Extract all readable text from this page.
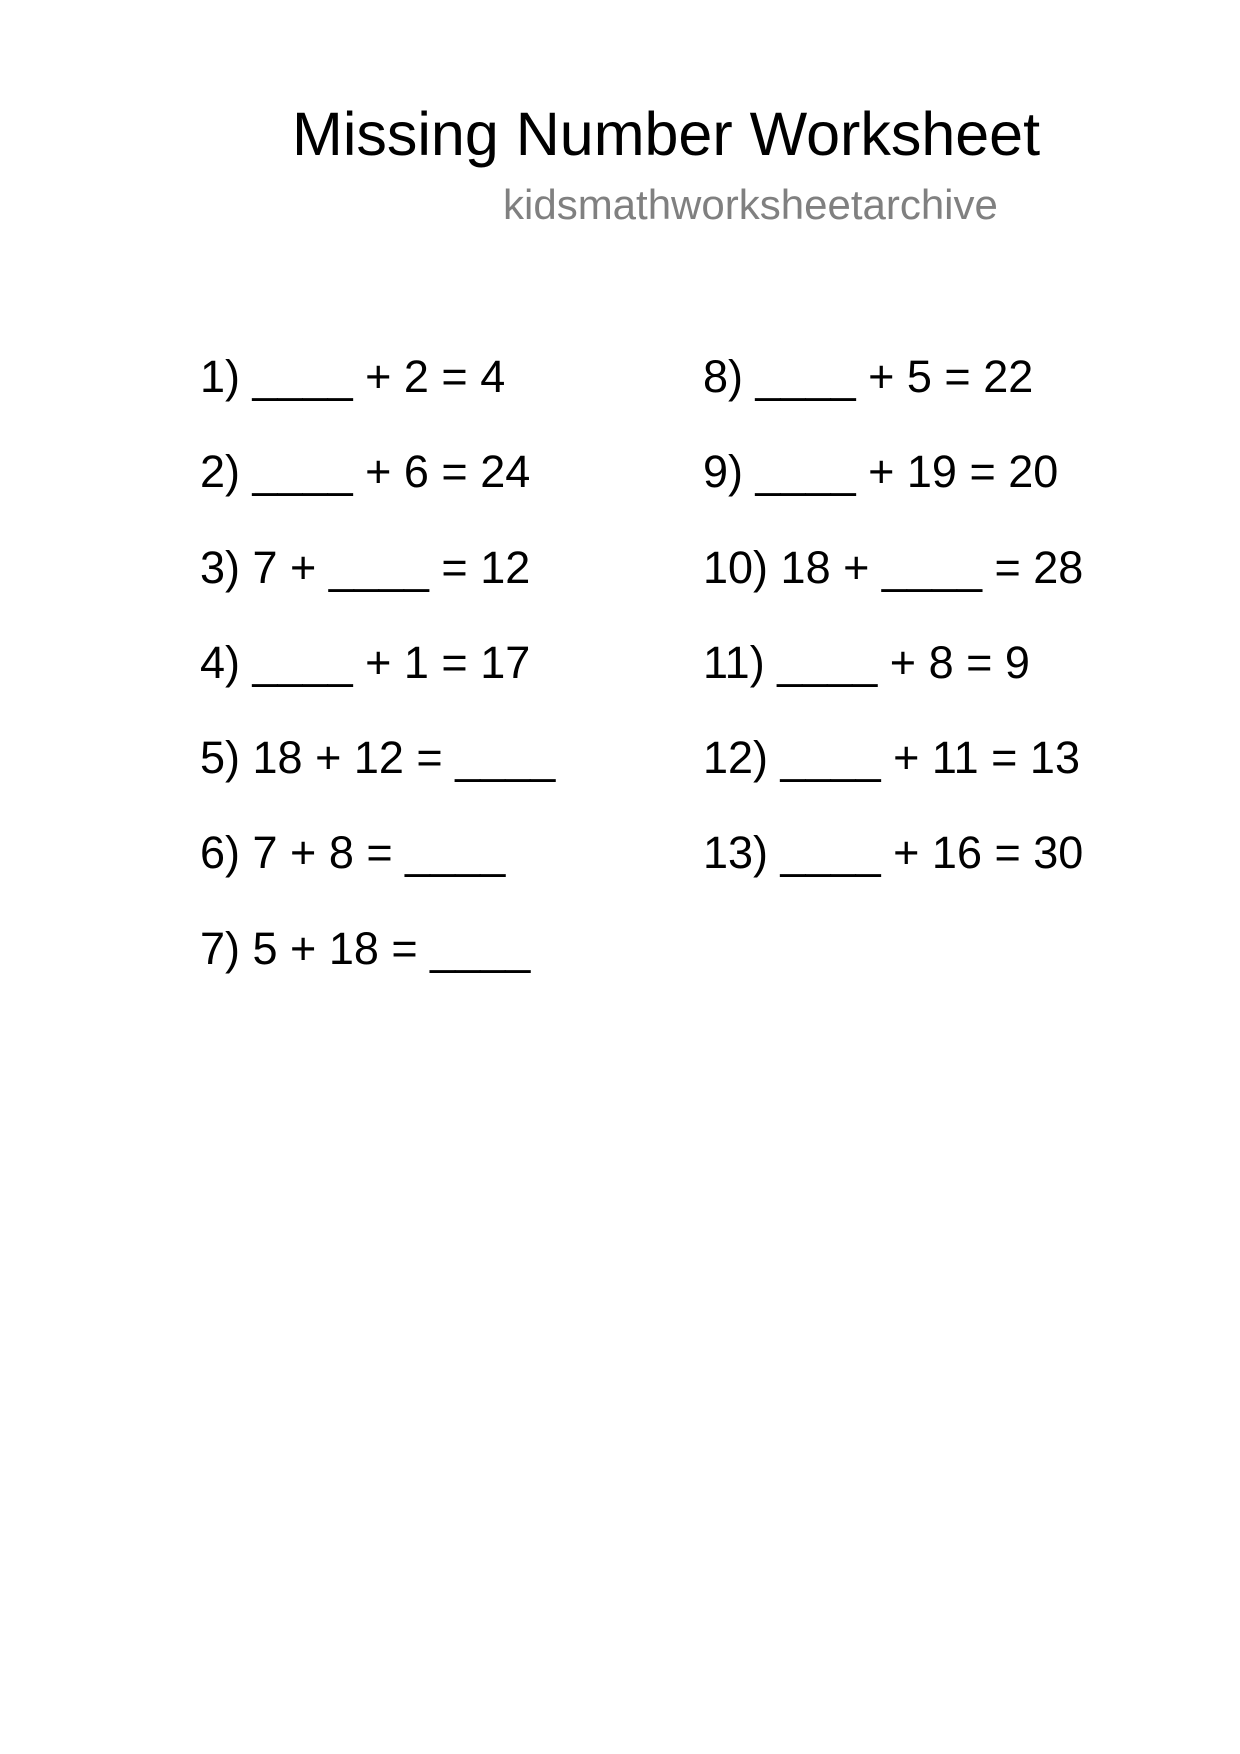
Missing Number Worksheet
kidsmathworksheetarchive
1) ____ + 2 = 4
2) ____ + 6 = 24
3) 7 + ____ = 12
4) ____ + 1 = 17
5) 18 + 12 = ____
6) 7 + 8 = ____
7) 5 + 18 = ____
8) ____ + 5 = 22
9) ____ + 19 = 20
10) 18 + ____ = 28
11) ____ + 8 = 9
12) ____ + 11 = 13
13) ____ + 16 = 30
